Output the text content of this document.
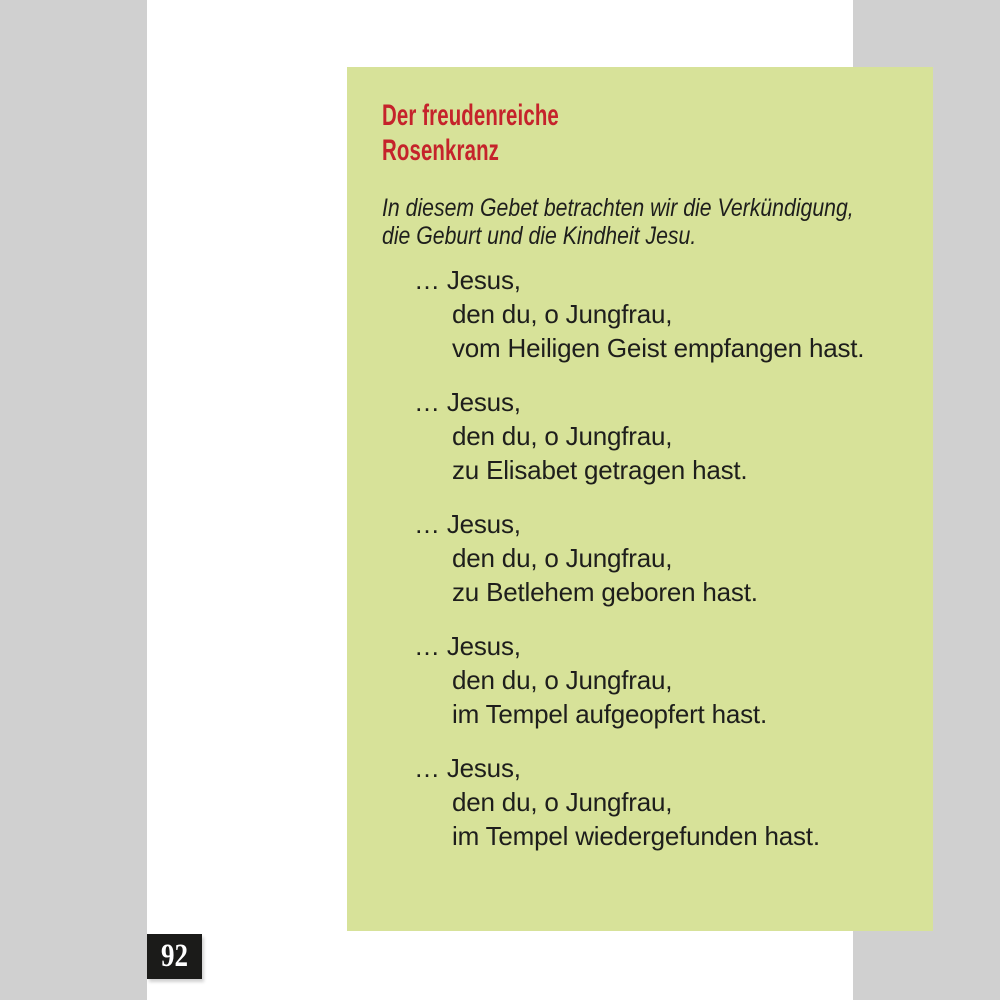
Der freudenreiche
Rosenkranz
In diesem Gebet betrachten wir die Verkündigung,
die Geburt und die Kindheit Jesu.
… Jesus,
den du, o Jungfrau,
vom Heiligen Geist empfangen hast.
… Jesus,
den du, o Jungfrau,
zu Elisabet getragen hast.
… Jesus,
den du, o Jungfrau,
zu Betlehem geboren hast.
… Jesus,
den du, o Jungfrau,
im Tempel aufgeopfert hast.
… Jesus,
den du, o Jungfrau,
im Tempel wiedergefunden hast.
92
